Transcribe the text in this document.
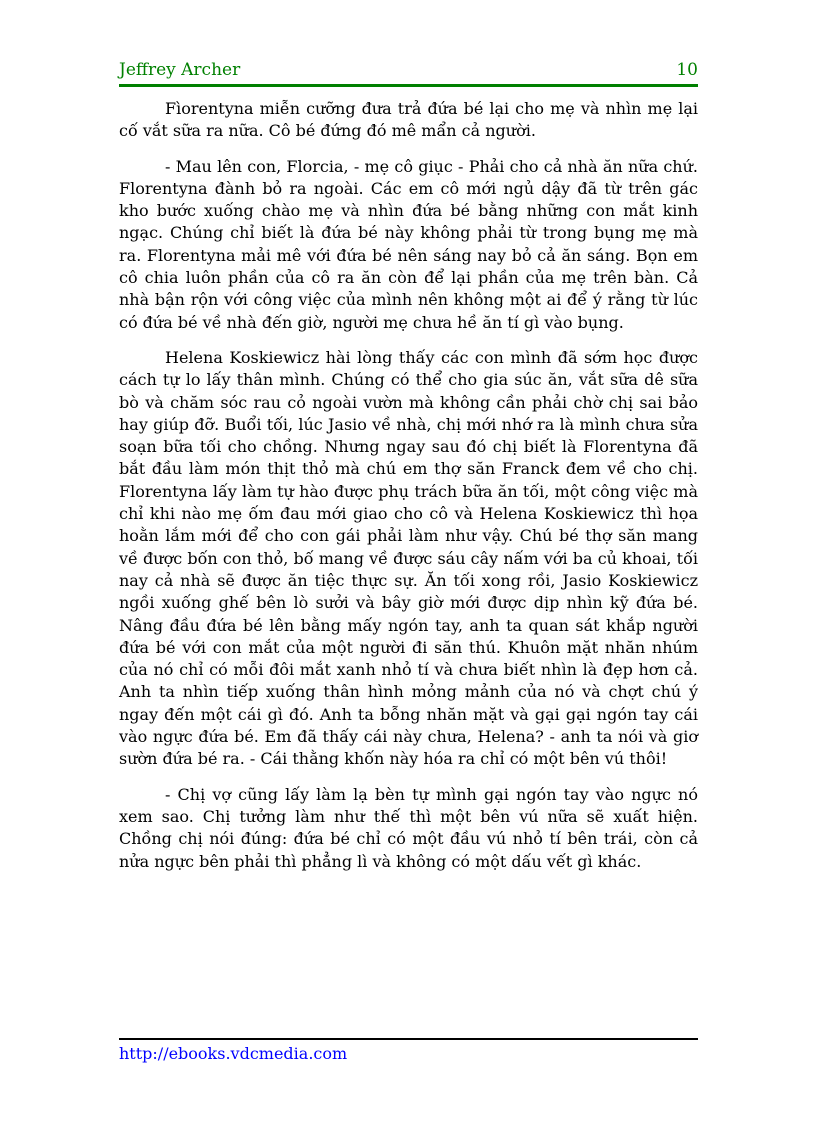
Jeffrey Archer	10

Fìorentyna miễn cưỡng đưa trả đứa bé lại cho mẹ và nhìn mẹ lại cố vắt sữa ra nữa. Cô bé đứng đó mê mẩn cả người.

- Mau lên con, Florcia, - mẹ cô giục - Phải cho cả nhà ăn nữa chứ. Florentyna đành bỏ ra ngoài. Các em cô mới ngủ dậy đã từ trên gác kho bước xuống chào mẹ và nhìn đứa bé bằng những con mắt kinh ngạc. Chúng chỉ biết là đứa bé này không phải từ trong bụng mẹ mà ra. Florentyna mải mê với đứa bé nên sáng nay bỏ cả ăn sáng. Bọn em cô chia luôn phần của cô ra ăn còn để lại phần của mẹ trên bàn. Cả nhà bận rộn với công việc của mình nên không một ai để ý rằng từ lúc có đứa bé về nhà đến giờ, người mẹ chưa hề ăn tí gì vào bụng.

Helena Koskiewicz hài lòng thấy các con mình đã sớm học được cách tự lo lấy thân mình. Chúng có thể cho gia súc ăn, vắt sữa dê sữa bò và chăm sóc rau cỏ ngoài vườn mà không cần phải chờ chị sai bảo hay giúp đỡ. Buổi tối, lúc Jasio về nhà, chị mới nhớ ra là mình chưa sửa soạn bữa tối cho chồng. Nhưng ngay sau đó chị biết là Florentyna đã bắt đầu làm món thịt thỏ mà chú em thợ săn Franck đem về cho chị. Florentyna lấy làm tự hào được phụ trách bữa ăn tối, một công việc mà chỉ khi nào mẹ ốm đau mới giao cho cô và Helena Koskiewicz thì họa hoằn lắm mới để cho con gái phải làm như vậy. Chú bé thợ săn mang về được bốn con thỏ, bố mang về được sáu cây nấm với ba củ khoai, tối nay cả nhà sẽ được ăn tiệc thực sự. Ăn tối xong rồi, Jasio Koskiewicz ngồi xuống ghế bên lò sưởi và bây giờ mới được dịp nhìn kỹ đứa bé. Nâng đầu đứa bé lên bằng mấy ngón tay, anh ta quan sát khắp người đứa bé với con mắt của một người đi săn thú. Khuôn mặt nhăn nhúm của nó chỉ có mỗi đôi mắt xanh nhỏ tí và chưa biết nhìn là đẹp hơn cả. Anh ta nhìn tiếp xuống thân hình mỏng mảnh của nó và chợt chú ý ngay đến một cái gì đó. Anh ta bỗng nhăn mặt và gại gại ngón tay cái vào ngực đứa bé. Em đã thấy cái này chưa, Helena? - anh ta nói và giơ sườn đứa bé ra. - Cái thằng khốn này hóa ra chỉ có một bên vú thôi!

- Chị vợ cũng lấy làm lạ bèn tự mình gại ngón tay vào ngực nó xem sao. Chị tưởng làm như thế thì một bên vú nữa sẽ xuất hiện. Chồng chị nói đúng: đứa bé chỉ có một đầu vú nhỏ tí bên trái, còn cả nửa ngực bên phải thì phẳng lì và không có một dấu vết gì khác.

http://ebooks.vdcmedia.com
